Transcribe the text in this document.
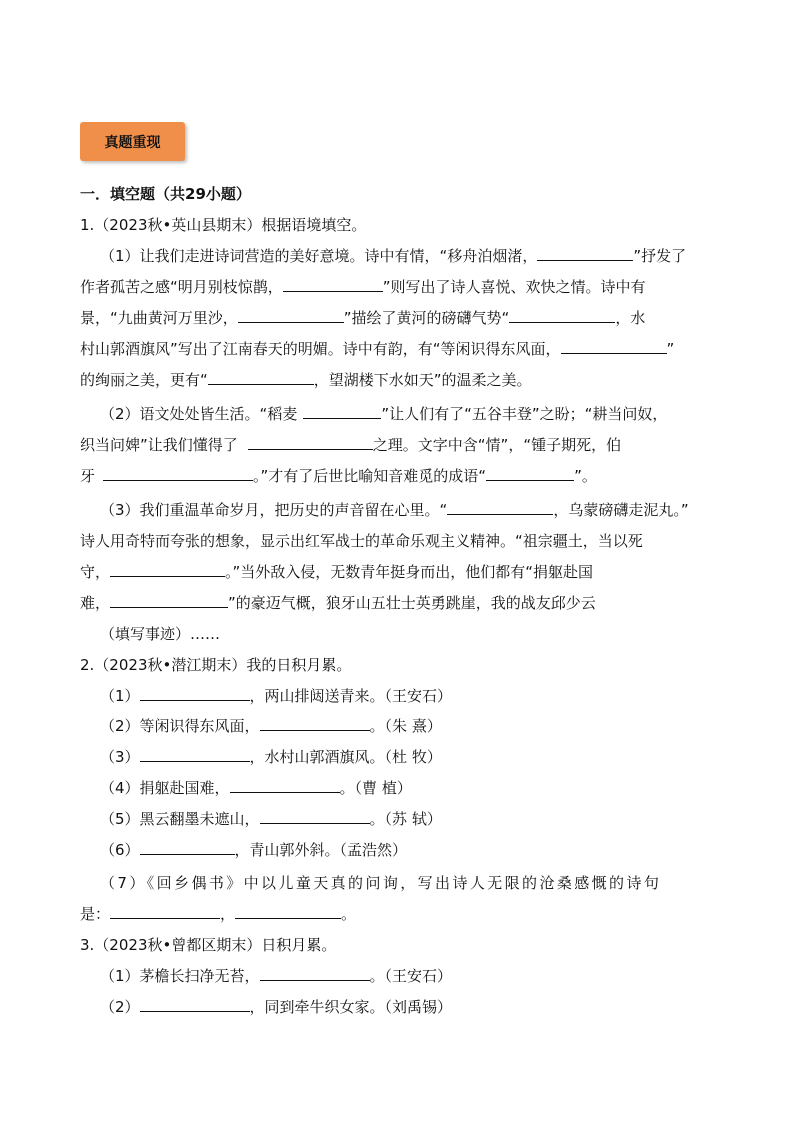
真题重现
一．填空题（共29小题）
1.（2023秋•英山县期末）根据语境填空。
（1）让我们走进诗词营造的美好意境。诗中有情，“移舟泊烟渚，	”抒发了
作者孤苦之感“明月别枝惊鹊，	”则写出了诗人喜悦、欢快之情。诗中有
景，“九曲黄河万里沙，	”描绘了黄河的磅礴气势“	，水
村山郭酒旗风”写出了江南春天的明媚。诗中有韵，有“等闲识得东风面，	”
的绚丽之美，更有“	，望湖楼下水如天”的温柔之美。
（2）语文处处皆生活。“稻麦	”让人们有了“五谷丰登”之盼；“耕当问奴，
织当问婢”让我们懂得了	之理。文字中含“情”，“锺子期死，伯
牙	。”才有了后世比喻知音难觅的成语“	”。
（3）我们重温革命岁月，把历史的声音留在心里。“	，乌蒙磅礴走泥丸。”
诗人用奇特而夸张的想象，显示出红军战士的革命乐观主义精神。“祖宗疆土，当以死
守，	。”当外敌入侵，无数青年挺身而出，他们都有“捐躯赴国
难，	”的豪迈气概，狼牙山五壮士英勇跳崖，我的战友邱少云
（填写事迹）……
2.（2023秋•潜江期末）我的日积月累。
（1）	，两山排闼送青来。（王安石）
（2）等闲识得东风面，	。（朱 熹）
（3）	，水村山郭酒旗风。（杜 牧）
（4）捐躯赴国难，	。（曹 植）
（5）黑云翻墨未遮山，	。（苏 轼）
（6）	，青山郭外斜。（孟浩然）
（7）《回乡偶书》中以儿童天真的问询，写出诗人无限的沧桑感慨的诗句
是：	，	。
3.（2023秋•曾都区期末）日积月累。
（1）茅檐长扫净无苔，	。（王安石）
（2）	，同到牵牛织女家。（刘禹锡）
